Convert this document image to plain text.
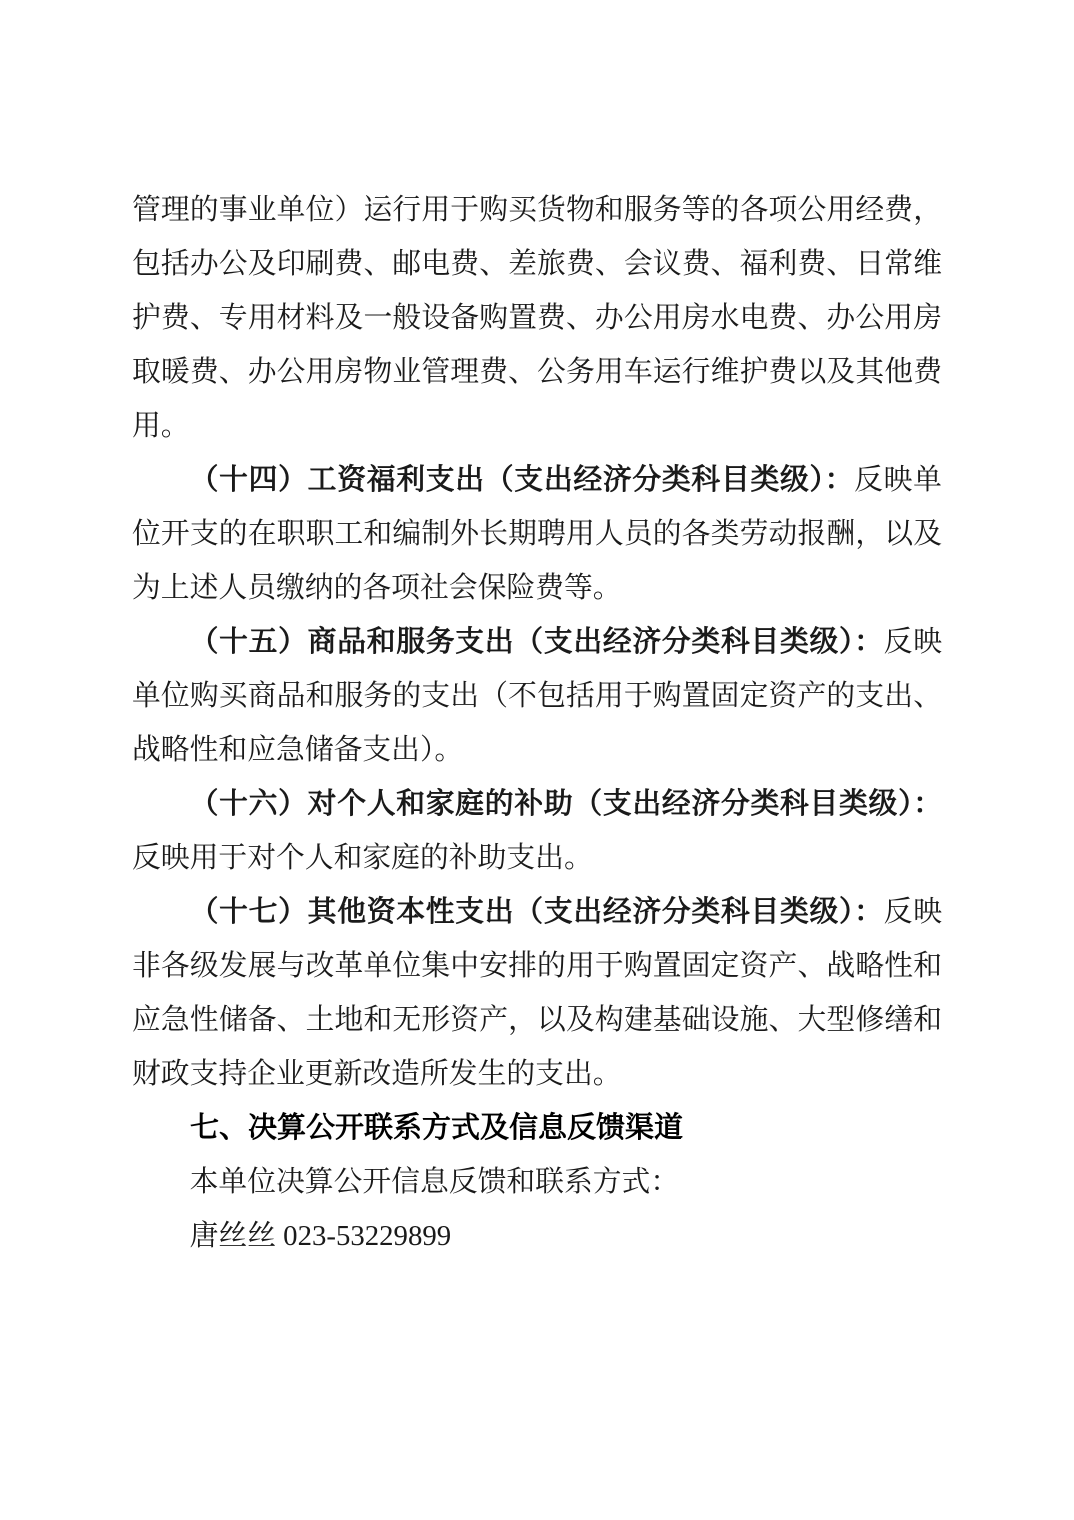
管理的事业单位）运行用于购买货物和服务等的各项公用经费，包括办公及印刷费、邮电费、差旅费、会议费、福利费、日常维护费、专用材料及一般设备购置费、办公用房水电费、办公用房取暖费、办公用房物业管理费、公务用车运行维护费以及其他费用。

（十四）工资福利支出（支出经济分类科目类级）：反映单位开支的在职职工和编制外长期聘用人员的各类劳动报酬，以及为上述人员缴纳的各项社会保险费等。

（十五）商品和服务支出（支出经济分类科目类级）：反映单位购买商品和服务的支出（不包括用于购置固定资产的支出、战略性和应急储备支出）。

（十六）对个人和家庭的补助（支出经济分类科目类级）：反映用于对个人和家庭的补助支出。

（十七）其他资本性支出（支出经济分类科目类级）：反映非各级发展与改革单位集中安排的用于购置固定资产、战略性和应急性储备、土地和无形资产，以及构建基础设施、大型修缮和财政支持企业更新改造所发生的支出。

七、决算公开联系方式及信息反馈渠道

本单位决算公开信息反馈和联系方式：

唐丝丝 023-53229899
